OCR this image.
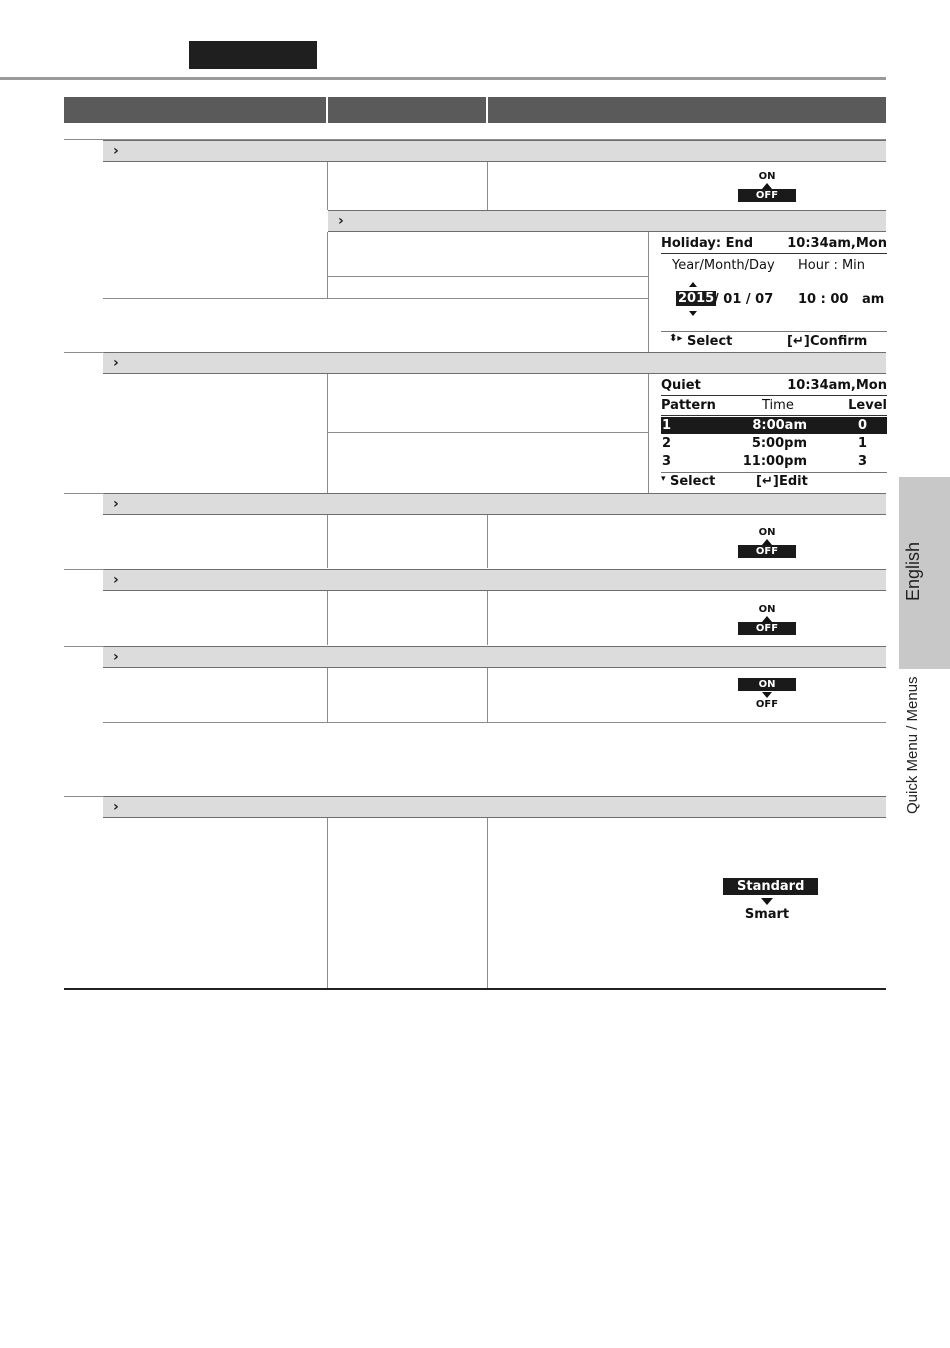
›
ON
OFF
›
Holiday: End	10:34am,Mon
Year/Month/Day Hour : Min
2015 / 01 / 07 10 : 00   am
⬍▸ Select	[↵] Confirm
›
Quiet	10:34am,Mon
Pattern	Time	Level
1	8:00am	0
2	5:00pm	1
3	11:00pm	3
▾ Select	[↵] Edit
›
ON
OFF
›
ON
OFF
›
ON
OFF
›
Standard
Smart
English
Quick Menu / Menus
